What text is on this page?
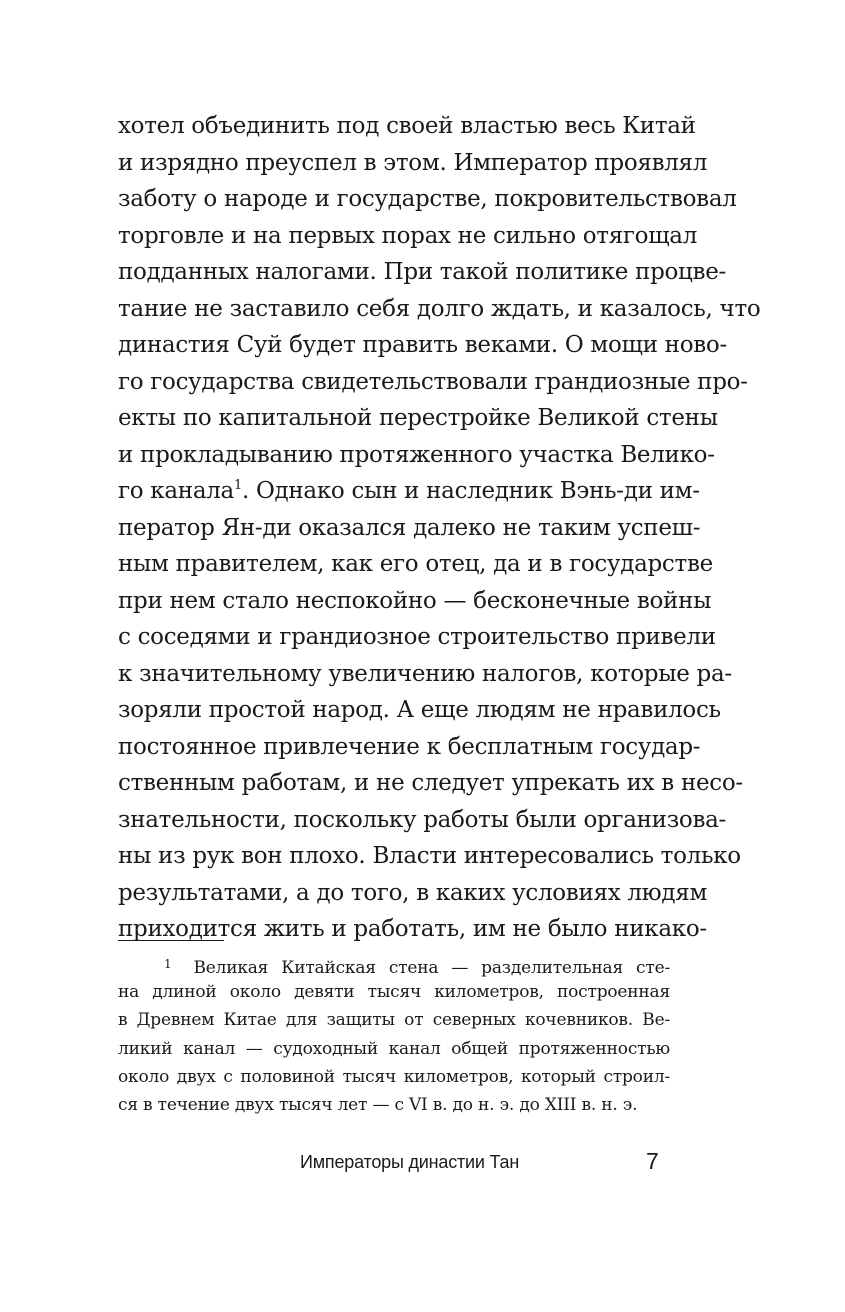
хотел объединить под своей властью весь Китай
и изрядно преуспел в этом. Император проявлял
заботу о народе и государстве, покровительствовал
торговле и на первых порах не сильно отягощал
подданных налогами. При такой политике процве-
тание не заставило себя долго ждать, и казалось, что
династия Суй будет править веками. О мощи ново-
го государства свидетельствовали грандиозные про-
екты по капитальной перестройке Великой стены
и прокладыванию протяженного участка Велико-
го канала$^1$. Однако сын и наследник Вэнь-ди им-
ператор Ян-ди оказался далеко не таким успеш-
ным правителем, как его отец, да и в государстве
при нем стало неспокойно — бесконечные войны
с соседями и грандиозное строительство привели
к значительному увеличению налогов, которые ра-
зоряли простой народ. А еще людям не нравилось
постоянное привлечение к бесплатным государ-
ственным работам, и не следует упрекать их в несо-
знательности, поскольку работы были организова-
ны из рук вон плохо. Власти интересовались только
результатами, а до того, в каких условиях людям
приходится жить и работать, им не было никако-
$^1$ Великая Китайская стена — разделительная сте-
на длиной около девяти тысяч километров, построенная
в Древнем Китае для защиты от северных кочевников. Ве-
ликий канал — судоходный канал общей протяженностью
около двух с половиной тысяч километров, который строил-
ся в течение двух тысяч лет — с VI в. до н. э. до XIII в. н. э.
Императоры династии Тан	7
